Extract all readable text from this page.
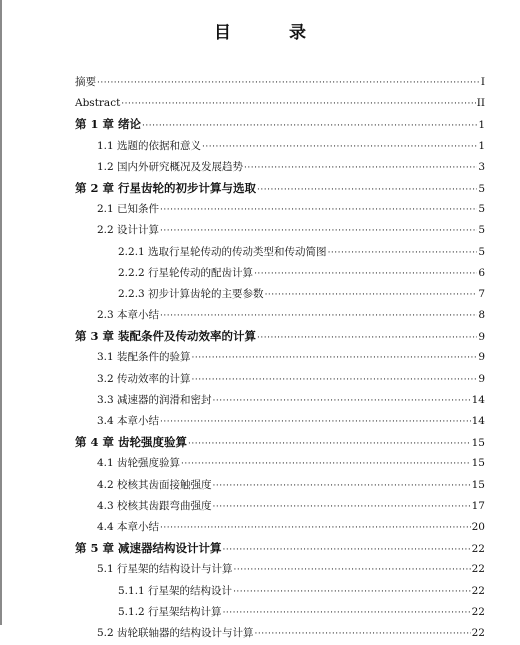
目 录
摘要 ·····	I
Abstract ·····	II
第 1 章 绪论 ·····	1
1.1 选题的依据和意义 ·····	1
1.2 国内外研究概况及发展趋势 ·····	3
第 2 章 行星齿轮的初步计算与选取 ·····	5
2.1 已知条件 ·····	5
2.2 设计计算 ·····	5
2.2.1 选取行星轮传动的传动类型和传动简图 ·····	5
2.2.2 行星轮传动的配齿计算 ·····	6
2.2.3 初步计算齿轮的主要参数 ·····	7
2.3 本章小结 ·····	8
第 3 章 装配条件及传动效率的计算 ·····	9
3.1 装配条件的验算 ·····	9
3.2 传动效率的计算 ·····	9
3.3 减速器的润滑和密封 ·····	14
3.4 本章小结 ·····	14
第 4 章 齿轮强度验算 ·····	15
4.1 齿轮强度验算 ·····	15
4.2 校核其齿面接触强度 ·····	15
4.3 校核其齿跟弯曲强度 ·····	17
4.4 本章小结 ·····	20
第 5 章 减速器结构设计计算 ·····	22
5.1 行星架的结构设计与计算 ·····	22
5.1.1 行星架的结构设计 ·····	22
5.1.2 行星架结构计算 ·····	22
5.2 齿轮联轴器的结构设计与计算 ·····	22
